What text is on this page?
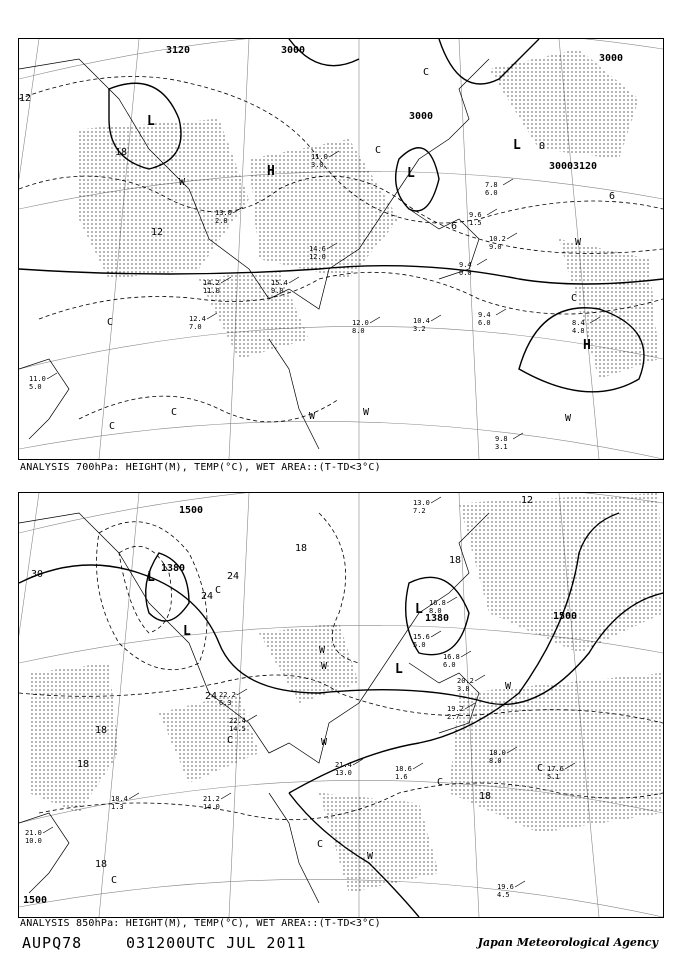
3120	3000
3000
3000
3000 3120
L
H	L
L
H
12
18
12
6
6
0
W
C
W
C
C
C
C
W
C
W	W
9.8
3.1
9.4
6.0
10.4
3.2
12.0
8.0
8.4
4.8
10.2
9.0
9.4
0.0
14.6
12.0
15.4
9.0
14.2
11.0
12.4
7.0
11.0
5.0
9.6
1.5
7.8
6.0
13.0
2.8
11.0
3.0
ANALYSIS 700hPa: HEIGHT(M), TEMP(°C), WET AREA::(T-TD<3°C)
1500
1380
1380	1500
1500
L
L
L
L
30
24
24
18
24
18
18
18
18
12
18
W
C
W
C
W
C
W
C
C
C
W
19.6
4.5
17.6
5.1
18.4
1.3
21.0
10.0
21.2
14.0
18.6
1.6
21.4
13.0
22.4
14.5
20.2
3.8
19.2
2.7
16.8
6.0
18.0
8.0
22.2
6.3
15.6
5.0
13.0
7.2
16.8
8.0
ANALYSIS 850hPa: HEIGHT(M), TEMP(°C), WET AREA::(T-TD<3°C)
AUPQ78	031200UTC JUL 2011	Japan Meteorological Agency
